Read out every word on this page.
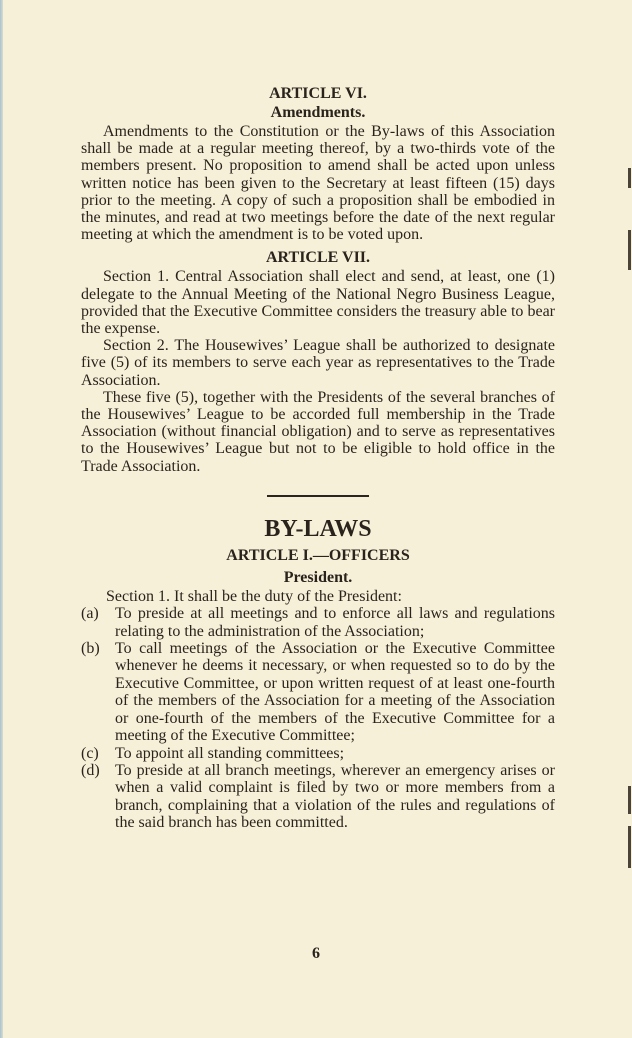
ARTICLE VI.
Amendments.

Amendments to the Constitution or the By-laws of this Association shall be made at a regular meeting thereof, by a two-thirds vote of the members present. No proposition to amend shall be acted upon unless written notice has been given to the Secretary at least fifteen (15) days prior to the meeting. A copy of such a proposition shall be embodied in the minutes, and read at two meetings before the date of the next regular meeting at which the amendment is to be voted upon.

ARTICLE VII.

Section 1. Central Association shall elect and send, at least, one (1) delegate to the Annual Meeting of the National Negro Business League, provided that the Executive Committee considers the treasury able to bear the expense.

Section 2. The Housewives’ League shall be authorized to designate five (5) of its members to serve each year as representatives to the Trade Association.

These five (5), together with the Presidents of the several branches of the Housewives’ League to be accorded full membership in the Trade Association (without financial obligation) and to serve as representatives to the Housewives’ League but not to be eligible to hold office in the Trade Association.

BY-LAWS
ARTICLE I.—OFFICERS
President.

Section 1. It shall be the duty of the President:

(a)	To preside at all meetings and to enforce all laws and regulations relating to the administration of the Association;
(b) To call meetings of the Association or the Executive Committee whenever he deems it necessary, or when requested so to do by the Executive Committee, or upon written request of at least one-fourth of the members of the Association for a meeting of the Association or one-fourth of the members of the Executive Committee for a meeting of the Executive Committee;
(c)	To appoint all standing committees;
(d) To preside at all branch meetings, wherever an emergency arises or when a valid complaint is filed by two or more members from a branch, complaining that a violation of the rules and regulations of the said branch has been committed.
6
